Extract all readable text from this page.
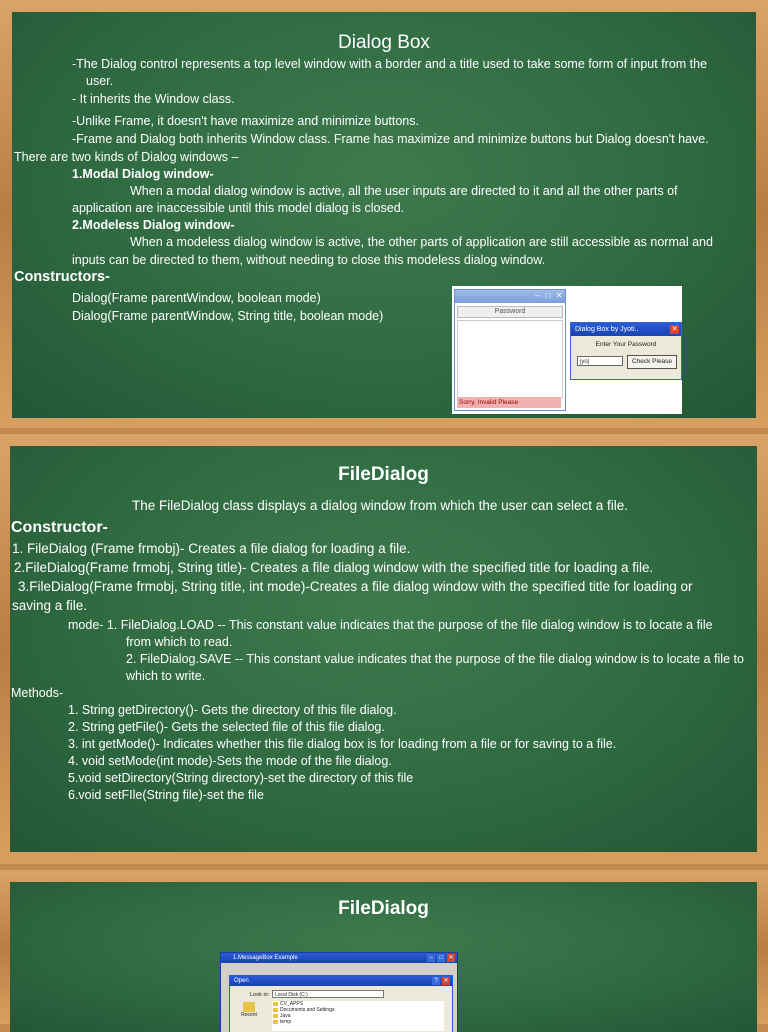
Dialog Box
-The Dialog control represents a top level window with a border and a title used to take some form of input from the
user.
- It inherits the Window class.
-Unlike Frame, it doesn't have maximize and minimize buttons.
-Frame and Dialog both inherits Window class. Frame has maximize and minimize buttons but Dialog doesn't have.
There are two kinds of Dialog windows –
1.Modal Dialog window-
When a modal dialog window is active, all the user inputs are directed to it and all the other parts of
application are inaccessible until this model dialog is closed.
2.Modeless Dialog window-
When a modeless dialog window is active, the other parts of application are still accessible as normal and
inputs can be directed to them, without needing to close this modeless dialog window.
Constructors-
Dialog(Frame parentWindow, boolean mode)
Dialog(Frame parentWindow, String title, boolean mode)
– □ ✕
Password
Sorry, Invalid Please
Dialog Box by Jyoti..	✕
Enter Your Password
jyo|	Check Please
FileDialog
The FileDialog class displays a dialog window from which the user can select a file.
Constructor-
1. FileDialog (Frame frmobj)- Creates a file dialog for loading a file.
2.FileDialog(Frame frmobj, String title)- Creates a file dialog window with the specified title for loading a file.
3.FileDialog(Frame frmobj, String title, int mode)-Creates a file dialog window with the specified title for loading or
saving a file.
mode- 1. FileDialog.LOAD -- This constant value indicates that the purpose of the file dialog window is to locate a file
from which to read.
2. FileDialog.SAVE -- This constant value indicates that the purpose of the file dialog window is to locate a file to
which to write.
Methods-
1. String getDirectory()- Gets the directory of this file dialog.
2. String getFile()- Gets the selected file of this file dialog.
3. int getMode()- Indicates whether this file dialog box is for loading from a file or for saving to a file.
4. void setMode(int mode)-Sets the mode of the file dialog.
5.void setDirectory(String directory)-set the directory of this file
6.void setFIle(String file)-set the file
FileDialog
1.MessageBox Example	–	□ ✕
Open	? ✕
Look in:	Local Disk (C:)
Recent
CV_APPS
Documents and Settings
Java
temp
